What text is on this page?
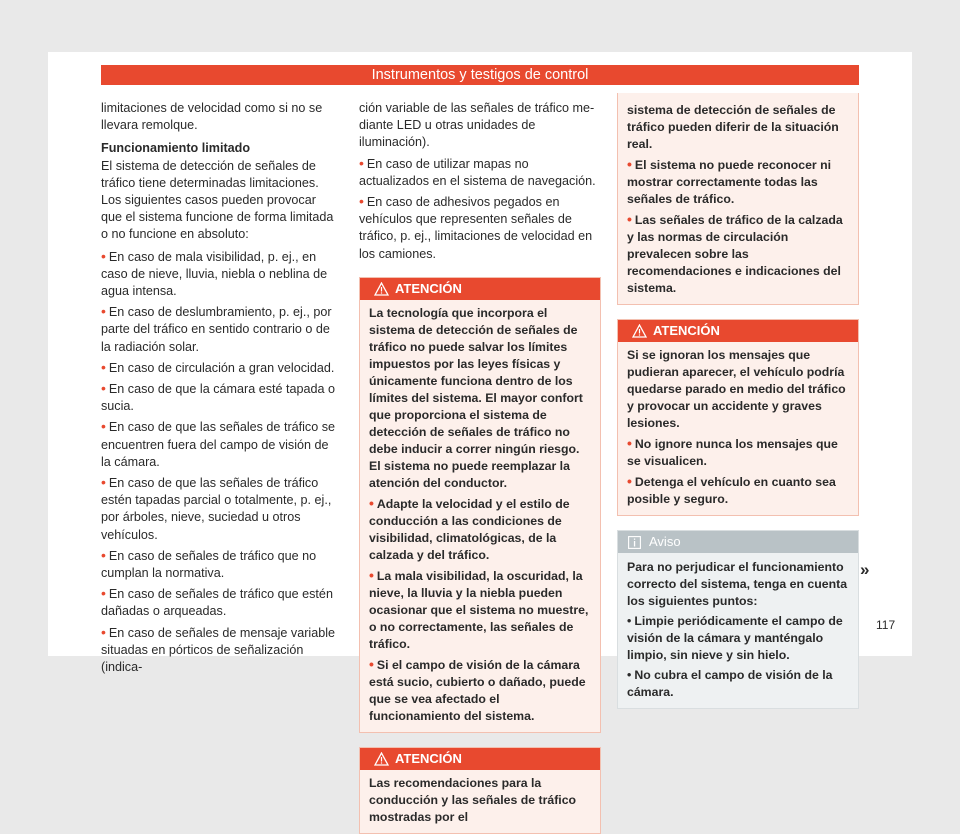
Instrumentos y testigos de control

limitaciones de velocidad como si no se llevara remolque.

Funcionamiento limitado

El sistema de detección de señales de tráfico tiene determinadas limitaciones. Los siguientes casos pueden provocar que el sistema funcione de forma limitada o no funcione en absoluto:

• En caso de mala visibilidad, p. ej., en caso de nieve, lluvia, niebla o neblina de agua intensa.

• En caso de deslumbramiento, p. ej., por parte del tráfico en sentido contrario o de la radiación solar.

• En caso de circulación a gran velocidad.

• En caso de que la cámara esté tapada o sucia.

• En caso de que las señales de tráfico se encuentren fuera del campo de visión de la cámara.

• En caso de que las señales de tráfico estén tapadas parcial o totalmente, p. ej., por árboles, nieve, suciedad u otros vehículos.

• En caso de señales de tráfico que no cumplan la normativa.

• En caso de señales de tráfico que estén dañadas o arqueadas.

• En caso de señales de mensaje variable situadas en pórticos de señalización (indica-

ción variable de las señales de tráfico mediante LED u otras unidades de iluminación).

• En caso de utilizar mapas no actualizados en el sistema de navegación.

• En caso de adhesivos pegados en vehículos que representen señales de tráfico, p. ej., limitaciones de velocidad en los camiones.

ATENCIÓN

La tecnología que incorpora el sistema de detección de señales de tráfico no puede salvar los límites impuestos por las leyes físicas y únicamente funciona dentro de los límites del sistema. El mayor confort que proporciona el sistema de detección de señales de tráfico no debe inducir a correr ningún riesgo. El sistema no puede reemplazar la atención del conductor.

• Adapte la velocidad y el estilo de conducción a las condiciones de visibilidad, climatológicas, de la calzada y del tráfico.

• La mala visibilidad, la oscuridad, la nieve, la lluvia y la niebla pueden ocasionar que el sistema no muestre, o no correctamente, las señales de tráfico.

• Si el campo de visión de la cámara está sucio, cubierto o dañado, puede que se vea afectado el funcionamiento del sistema.

ATENCIÓN

Las recomendaciones para la conducción y las señales de tráfico mostradas por el

sistema de detección de señales de tráfico pueden diferir de la situación real.

• El sistema no puede reconocer ni mostrar correctamente todas las señales de tráfico.

• Las señales de tráfico de la calzada y las normas de circulación prevalecen sobre las recomendaciones e indicaciones del sistema.

ATENCIÓN

Si se ignoran los mensajes que pudieran aparecer, el vehículo podría quedarse parado en medio del tráfico y provocar un accidente y graves lesiones.

• No ignore nunca los mensajes que se visualicen.

• Detenga el vehículo en cuanto sea posible y seguro.

Aviso

Para no perjudicar el funcionamiento correcto del sistema, tenga en cuenta los siguientes puntos:

• Limpie periódicamente el campo de visión de la cámara y manténgalo limpio, sin nieve y sin hielo.

• No cubra el campo de visión de la cámara.

»
117
